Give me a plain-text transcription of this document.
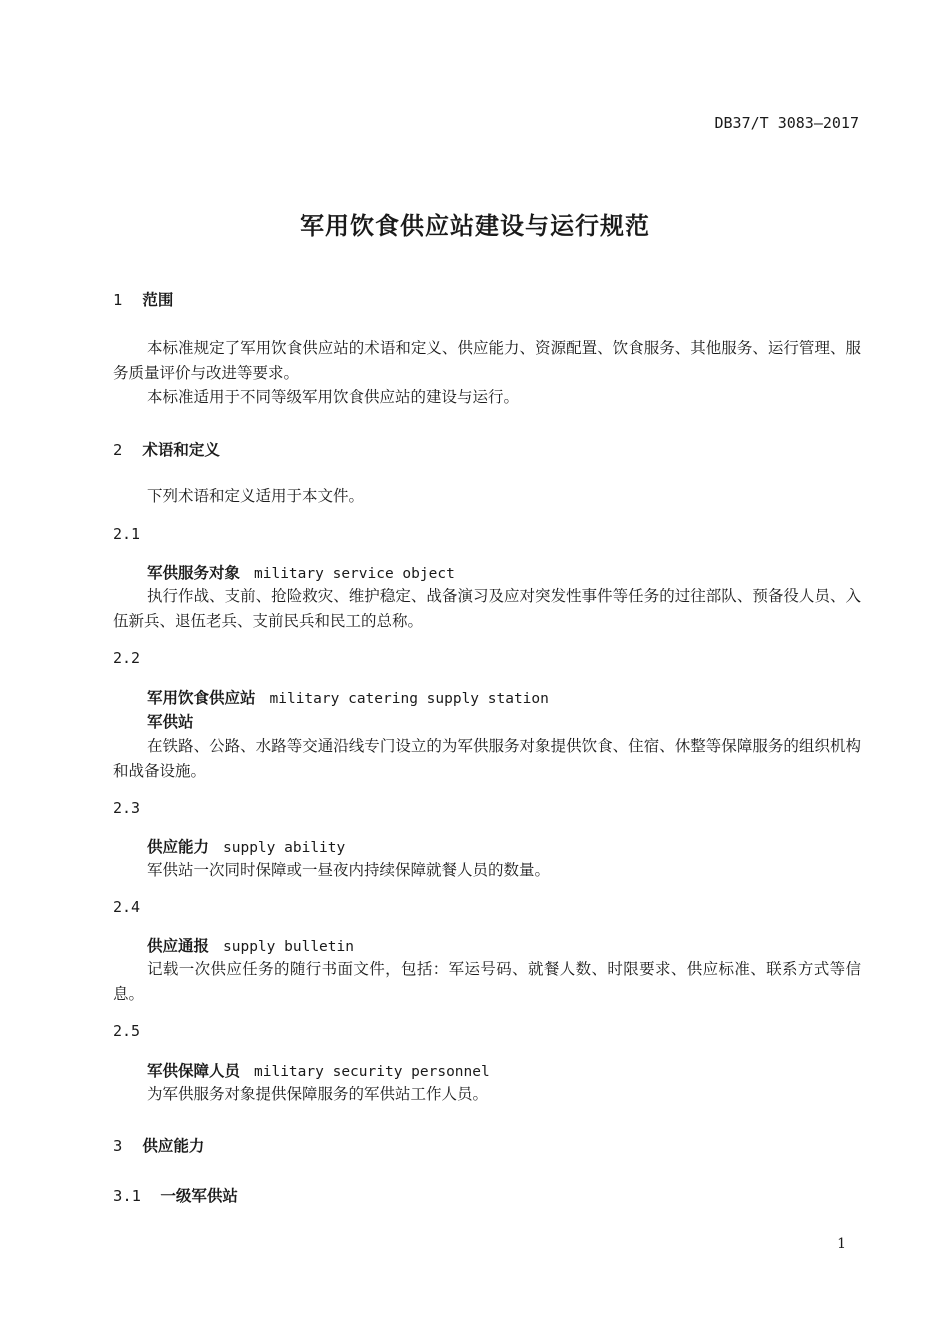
DB37/T 3083—2017
军用饮食供应站建设与运行规范
1 范围
本标准规定了军用饮食供应站的术语和定义、供应能力、资源配置、饮食服务、其他服务、运行管理、服务质量评价与改进等要求。
本标准适用于不同等级军用饮食供应站的建设与运行。
2 术语和定义
下列术语和定义适用于本文件。
2.1
军供服务对象 military service object
执行作战、支前、抢险救灾、维护稳定、战备演习及应对突发性事件等任务的过往部队、预备役人员、入伍新兵、退伍老兵、支前民兵和民工的总称。
2.2
军用饮食供应站 military catering supply station
军供站
在铁路、公路、水路等交通沿线专门设立的为军供服务对象提供饮食、住宿、休整等保障服务的组织机构和战备设施。
2.3
供应能力 supply ability
军供站一次同时保障或一昼夜内持续保障就餐人员的数量。
2.4
供应通报 supply bulletin
记载一次供应任务的随行书面文件，包括：军运号码、就餐人数、时限要求、供应标准、联系方式等信息。
2.5
军供保障人员 military security personnel
为军供服务对象提供保障服务的军供站工作人员。
3 供应能力
3.1 一级军供站
1
